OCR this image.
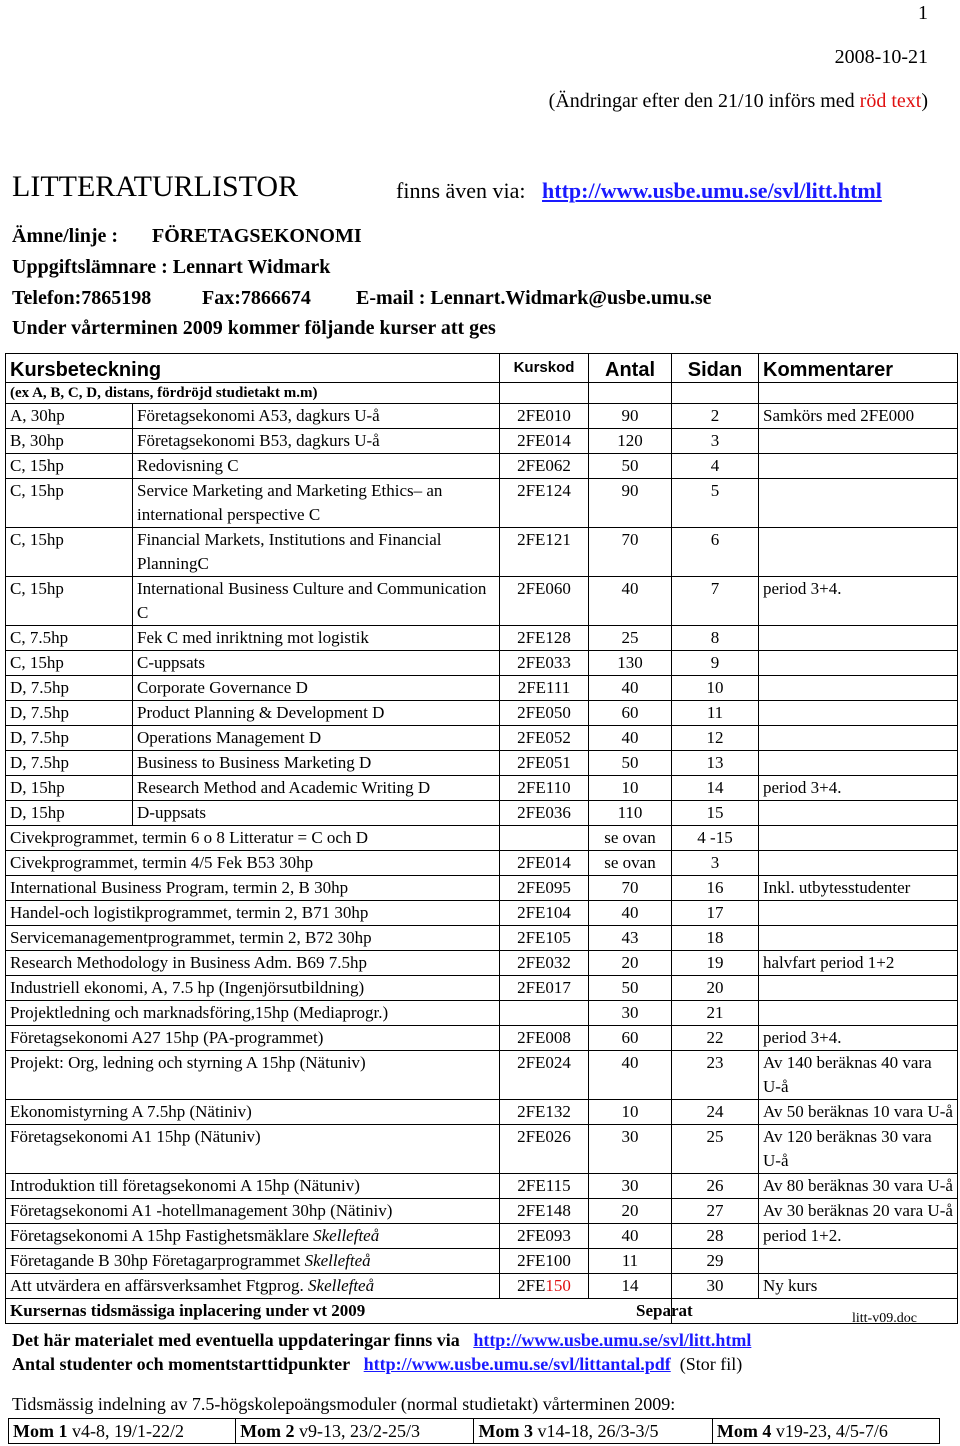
1
2008-10-21
(Ändringar efter den 21/10 införs med röd text)
LITTERATURLISTOR	finns även via: http://www.usbe.umu.se/svl/litt.html
Ämne/linje : FÖRETAGSEKONOMI
Uppgiftslämnare : Lennart Widmark
Telefon:7865198	Fax:7866674 E-mail : Lennart.Widmark@usbe.umu.se
Under vårterminen 2009 kommer följande kurser att ges
Kursbeteckning		Kurskod	Antal	Sidan	Kommentarer
(ex A, B, C, D, distans, fördröjd studietakt m.m)					
A, 30hp	Företagsekonomi A53, dagkurs U-å	2FE010	90	2	Samkörs med 2FE000
B, 30hp	Företagsekonomi B53, dagkurs U-å	2FE014	120	3	
C, 15hp	Redovisning C	2FE062	50	4	
C, 15hp	Service Marketing and Marketing Ethics– an international perspective C	2FE124	90	5	
C, 15hp	Financial Markets, Institutions and Financial PlanningC	2FE121	70	6	
C, 15hp	International Business Culture and Communication C	2FE060	40	7	period 3+4.
C, 7.5hp	Fek C med inriktning mot logistik	2FE128	25	8	
C, 15hp	C-uppsats	2FE033	130	9	
D, 7.5hp	Corporate Governance D	2FE111	40	10	
D, 7.5hp	Product Planning & Development D	2FE050	60	11	
D, 7.5hp	Operations Management D	2FE052	40	12	
D, 7.5hp	Business to Business Marketing D	2FE051	50	13	
D, 15hp	Research Method and Academic Writing D	2FE110	10	14	period 3+4.
D, 15hp	D-uppsats	2FE036	110	15	
Civekprogrammet, termin 6 o 8 Litteratur = C och D			se ovan	4 -15	
Civekprogrammet, termin 4/5 Fek B53 30hp		2FE014	se ovan	3	
International Business Program, termin 2, B 30hp		2FE095	70	16	Inkl. utbytesstudenter
Handel-och logistikprogrammet, termin 2, B71 30hp		2FE104	40	17	
Servicemanagementprogrammet, termin 2, B72 30hp		2FE105	43	18	
Research Methodology in Business Adm. B69 7.5hp		2FE032	20	19	halvfart period 1+2
Industriell ekonomi, A, 7.5 hp (Ingenjörsutbildning)		2FE017	50	20	
Projektledning och marknadsföring,15hp (Mediaprogr.)			30	21	
Företagsekonomi A27 15hp (PA-programmet)		2FE008	60	22	period 3+4.
Projekt: Org, ledning och styrning A 15hp (Nätuniv)		2FE024	40	23	Av 140 beräknas 40 vara U-å
Ekonomistyrning A 7.5hp (Nätiniv)		2FE132	10	24	Av 50 beräknas 10 vara U-å
Företagsekonomi A1 15hp (Nätuniv)		2FE026	30	25	Av 120 beräknas 30 vara U-å
Introduktion till företagsekonomi A 15hp (Nätuniv)		2FE115	30	26	Av 80 beräknas 30 vara U-å
Företagsekonomi A1 -hotellmanagement 30hp (Nätiniv)		2FE148	20	27	Av 30 beräknas 20 vara U-å
Företagsekonomi A 15hp Fastighetsmäklare Skellefteå		2FE093	40	28	period 1+2.
Företagande B 30hp Företagarprogrammet Skellefteå		2FE100	11	29	
Att utvärdera en affärsverksamhet Ftgprog. Skellefteå		2FE150	14	30	Ny kurs
Kursernas tidsmässiga inplacering under vt 2009				Separat		litt-v09.doc
Det här materialet med eventuella uppdateringar finns via http://www.usbe.umu.se/svl/litt.html
Antal studenter och momentstarttidpunkter http://www.usbe.umu.se/svl/littantal.pdf (Stor fil)
Tidsmässig indelning av 7.5-högskolepoängsmoduler (normal studietakt) vårterminen 2009:
Mom 1 v4-8, 19/1-22/2	Mom 2 v9-13, 23/2-25/3	Mom 3 v14-18, 26/3-3/5	Mom 4 v19-23, 4/5-7/6
